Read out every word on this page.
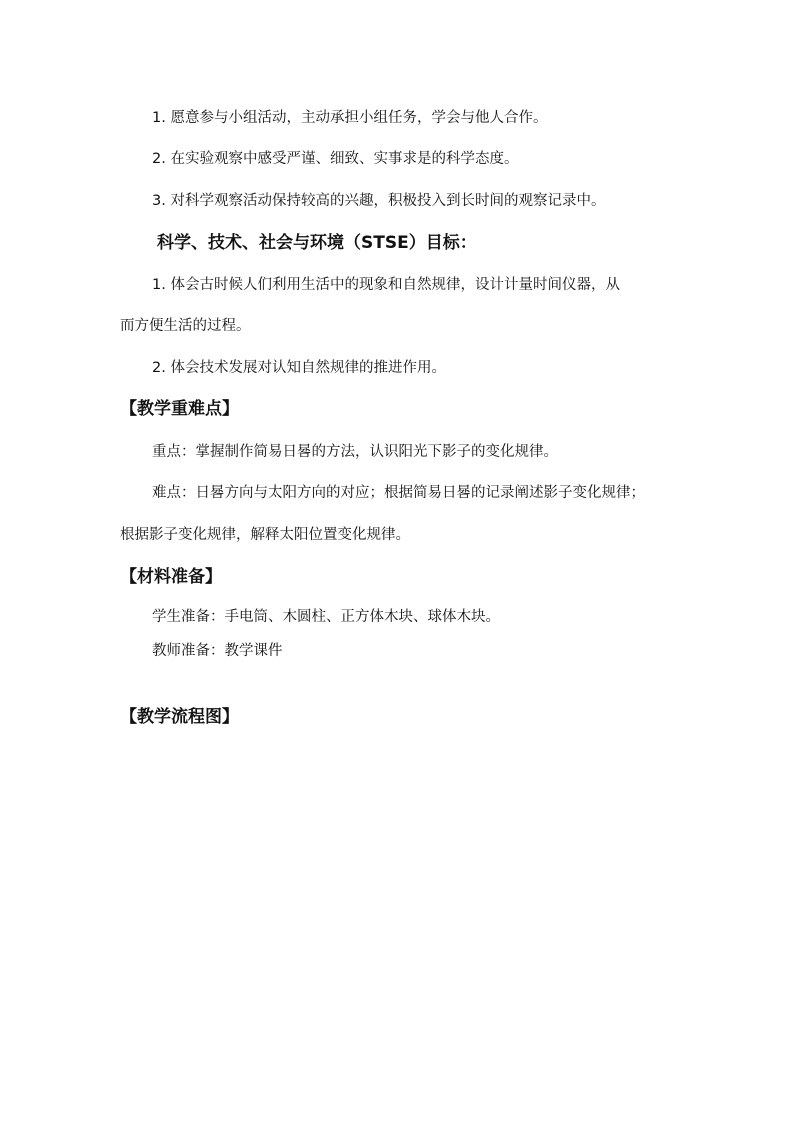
1. 愿意参与小组活动，主动承担小组任务，学会与他人合作。
2. 在实验观察中感受严谨、细致、实事求是的科学态度。
3. 对科学观察活动保持较高的兴趣，积极投入到长时间的观察记录中。
科学、技术、社会与环境（STSE）目标：
1. 体会古时候人们利用生活中的现象和自然规律，设计计量时间仪器，从
而方便生活的过程。
2. 体会技术发展对认知自然规律的推进作用。
【教学重难点】
重点：掌握制作简易日晷的方法，认识阳光下影子的变化规律。
难点：日晷方向与太阳方向的对应；根据简易日晷的记录阐述影子变化规律；
根据影子变化规律，解释太阳位置变化规律。
【材料准备】
学生准备：手电筒、木圆柱、正方体木块、球体木块。
教师准备：教学课件
【教学流程图】
